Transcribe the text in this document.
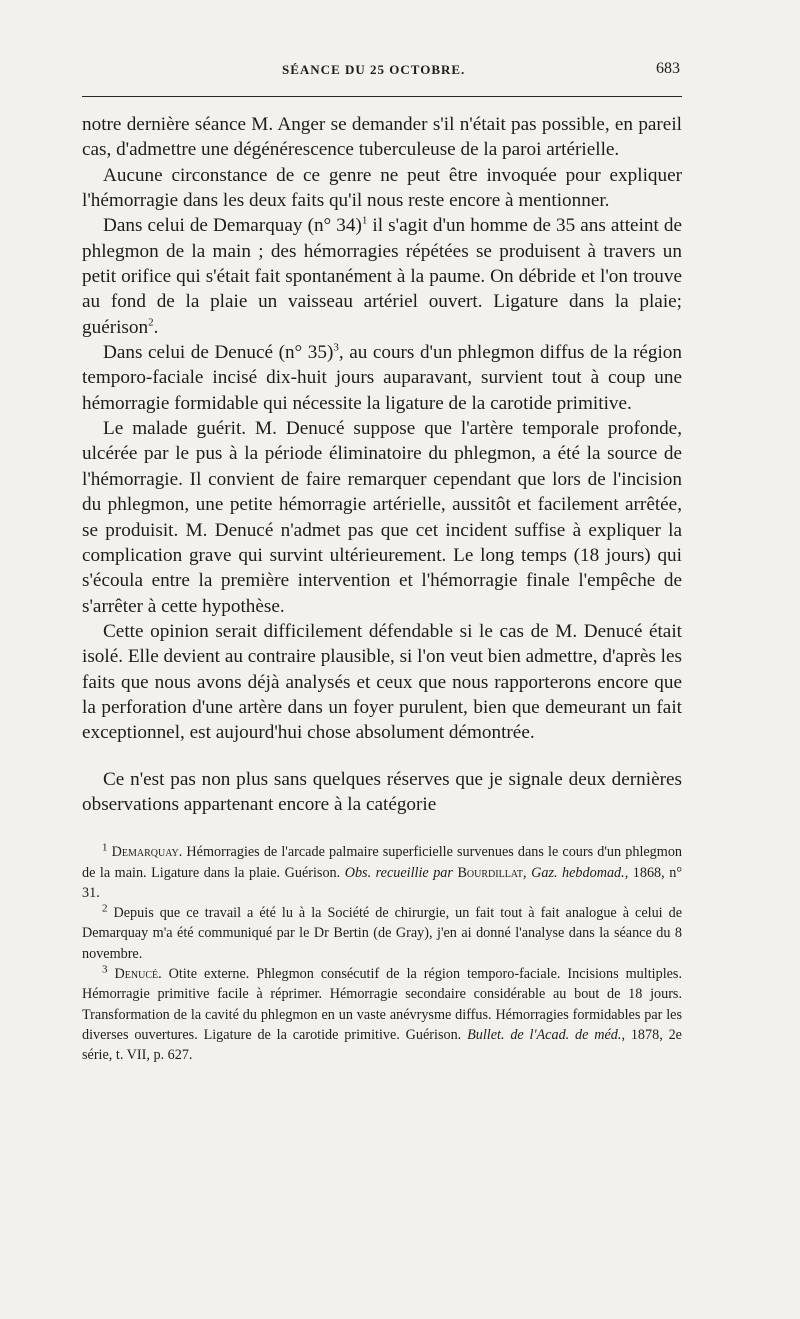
SÉANCE DU 25 OCTOBRE.	683

notre dernière séance M. Anger se demander s'il n'était pas possible, en pareil cas, d'admettre une dégénérescence tuberculeuse de la paroi artérielle.

Aucune circonstance de ce genre ne peut être invoquée pour expliquer l'hémorragie dans les deux faits qu'il nous reste encore à mentionner.

Dans celui de Demarquay (n° 34)$^1$ il s'agit d'un homme de 35 ans atteint de phlegmon de la main ; des hémorragies répétées se produisent à travers un petit orifice qui s'était fait spontanément à la paume. On débride et l'on trouve au fond de la plaie un vaisseau artériel ouvert. Ligature dans la plaie; guérison$^2$.

Dans celui de Denucé (n° 35)$^3$, au cours d'un phlegmon diffus de la région temporo-faciale incisé dix-huit jours auparavant, survient tout à coup une hémorragie formidable qui nécessite la ligature de la carotide primitive.

Le malade guérit. M. Denucé suppose que l'artère temporale profonde, ulcérée par le pus à la période éliminatoire du phlegmon, a été la source de l'hémorragie. Il convient de faire remarquer cependant que lors de l'incision du phlegmon, une petite hémorragie artérielle, aussitôt et facilement arrêtée, se produisit. M. Denucé n'admet pas que cet incident suffise à expliquer la complication grave qui survint ultérieurement. Le long temps (18 jours) qui s'écoula entre la première intervention et l'hémorragie finale l'empêche de s'arrêter à cette hypothèse.

Cette opinion serait difficilement défendable si le cas de M. Denucé était isolé. Elle devient au contraire plausible, si l'on veut bien admettre, d'après les faits que nous avons déjà analysés et ceux que nous rapporterons encore que la perforation d'une artère dans un foyer purulent, bien que demeurant un fait exceptionnel, est aujourd'hui chose absolument démontrée.

Ce n'est pas non plus sans quelques réserves que je signale deux dernières observations appartenant encore à la catégorie

$^1$ Demarquay. Hémorragies de l'arcade palmaire superficielle survenues dans le cours d'un phlegmon de la main. Ligature dans la plaie. Guérison. Obs. recueillie par Bourdillat, Gaz. hebdomad., 1868, n° 31.

$^2$ Depuis que ce travail a été lu à la Société de chirurgie, un fait tout à fait analogue à celui de Demarquay m'a été communiqué par le Dr Bertin (de Gray), j'en ai donné l'analyse dans la séance du 8 novembre.

$^3$ Denucé. Otite externe. Phlegmon consécutif de la région temporo-faciale. Incisions multiples. Hémorragie primitive facile à réprimer. Hémorragie secondaire considérable au bout de 18 jours. Transformation de la cavité du phlegmon en un vaste anévrysme diffus. Hémorragies formidables par les diverses ouvertures. Ligature de la carotide primitive. Guérison. Bullet. de l'Acad. de méd., 1878, 2e série, t. VII, p. 627.
